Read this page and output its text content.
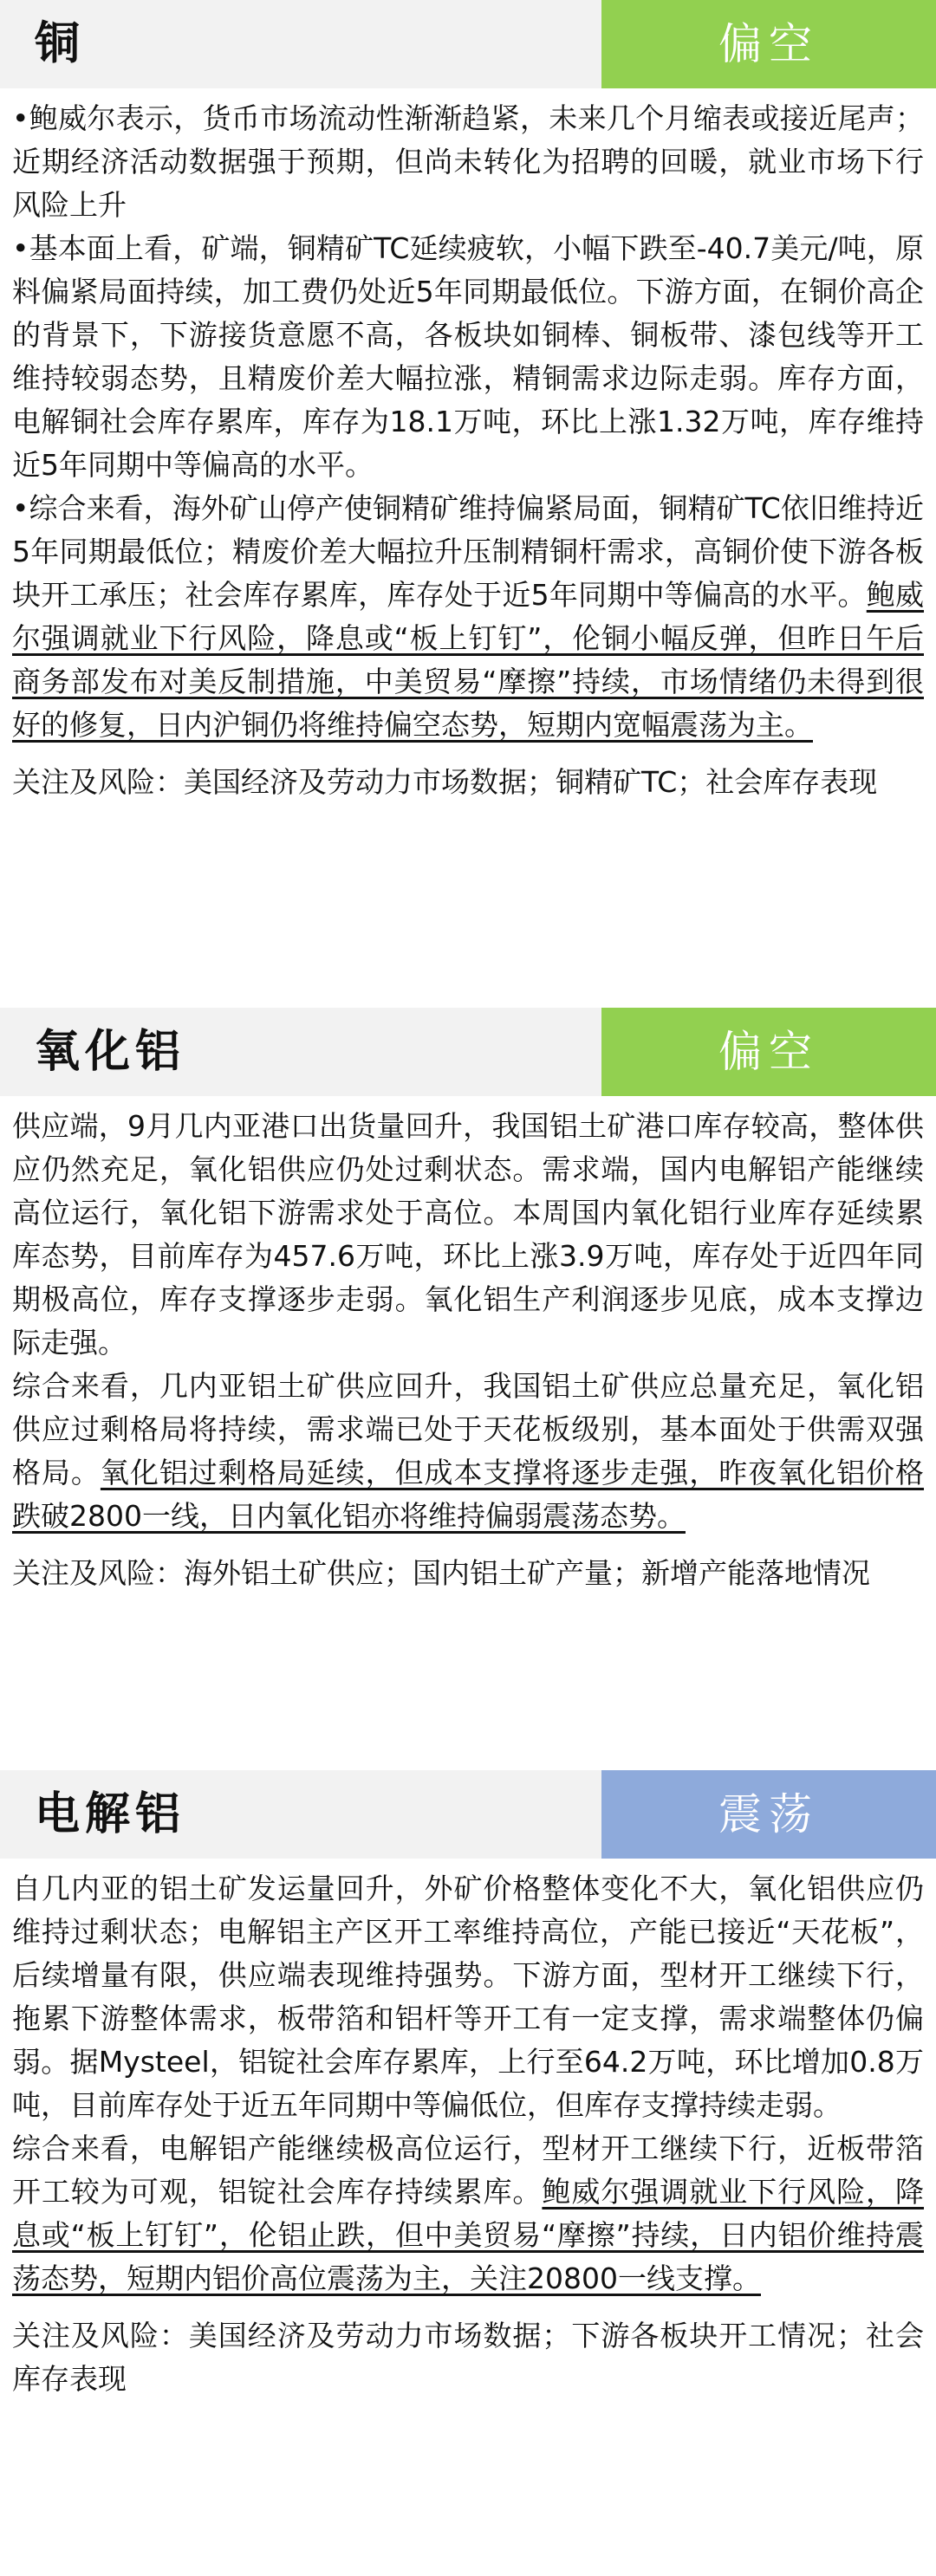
铜	偏空

•鲍威尔表示，货币市场流动性渐渐趋紧，未来几个月缩表或接近尾声；近期经济活动数据强于预期，但尚未转化为招聘的回暖，就业市场下行风险上升

•基本面上看，矿端，铜精矿TC延续疲软，小幅下跌至-40.7美元/吨，原料偏紧局面持续，加工费仍处近5年同期最低位。下游方面，在铜价高企的背景下，下游接货意愿不高，各板块如铜棒、铜板带、漆包线等开工维持较弱态势，且精废价差大幅拉涨，精铜需求边际走弱。库存方面，电解铜社会库存累库，库存为18.1万吨，环比上涨1.32万吨，库存维持近5年同期中等偏高的水平。

•综合来看，海外矿山停产使铜精矿维持偏紧局面，铜精矿TC依旧维持近5年同期最低位；精废价差大幅拉升压制精铜杆需求，高铜价使下游各板块开工承压；社会库存累库，库存处于近5年同期中等偏高的水平。鲍威尔强调就业下行风险，降息或“板上钉钉”，伦铜小幅反弹，但昨日午后商务部发布对美反制措施，中美贸易“摩擦”持续，市场情绪仍未得到很好的修复，日内沪铜仍将维持偏空态势，短期内宽幅震荡为主。

关注及风险：美国经济及劳动力市场数据；铜精矿TC；社会库存表现

氧化铝	偏空

供应端，9月几内亚港口出货量回升，我国铝土矿港口库存较高，整体供应仍然充足，氧化铝供应仍处过剩状态。需求端，国内电解铝产能继续高位运行，氧化铝下游需求处于高位。本周国内氧化铝行业库存延续累库态势，目前库存为457.6万吨，环比上涨3.9万吨，库存处于近四年同期极高位，库存支撑逐步走弱。氧化铝生产利润逐步见底，成本支撑边际走强。

综合来看，几内亚铝土矿供应回升，我国铝土矿供应总量充足，氧化铝供应过剩格局将持续，需求端已处于天花板级别，基本面处于供需双强格局。氧化铝过剩格局延续，但成本支撑将逐步走强，昨夜氧化铝价格跌破2800一线，日内氧化铝亦将维持偏弱震荡态势。

关注及风险：海外铝土矿供应；国内铝土矿产量；新增产能落地情况

电解铝	震荡

自几内亚的铝土矿发运量回升，外矿价格整体变化不大，氧化铝供应仍维持过剩状态；电解铝主产区开工率维持高位，产能已接近“天花板”，后续增量有限，供应端表现维持强势。下游方面，型材开工继续下行，拖累下游整体需求，板带箔和铝杆等开工有一定支撑，需求端整体仍偏弱。据Mysteel，铝锭社会库存累库，上行至64.2万吨，环比增加0.8万吨，目前库存处于近五年同期中等偏低位，但库存支撑持续走弱。

综合来看，电解铝产能继续极高位运行，型材开工继续下行，近板带箔开工较为可观，铝锭社会库存持续累库。鲍威尔强调就业下行风险，降息或“板上钉钉”，伦铝止跌，但中美贸易“摩擦”持续，日内铝价维持震荡态势，短期内铝价高位震荡为主，关注20800一线支撑。

关注及风险：美国经济及劳动力市场数据；下游各板块开工情况；社会库存表现
